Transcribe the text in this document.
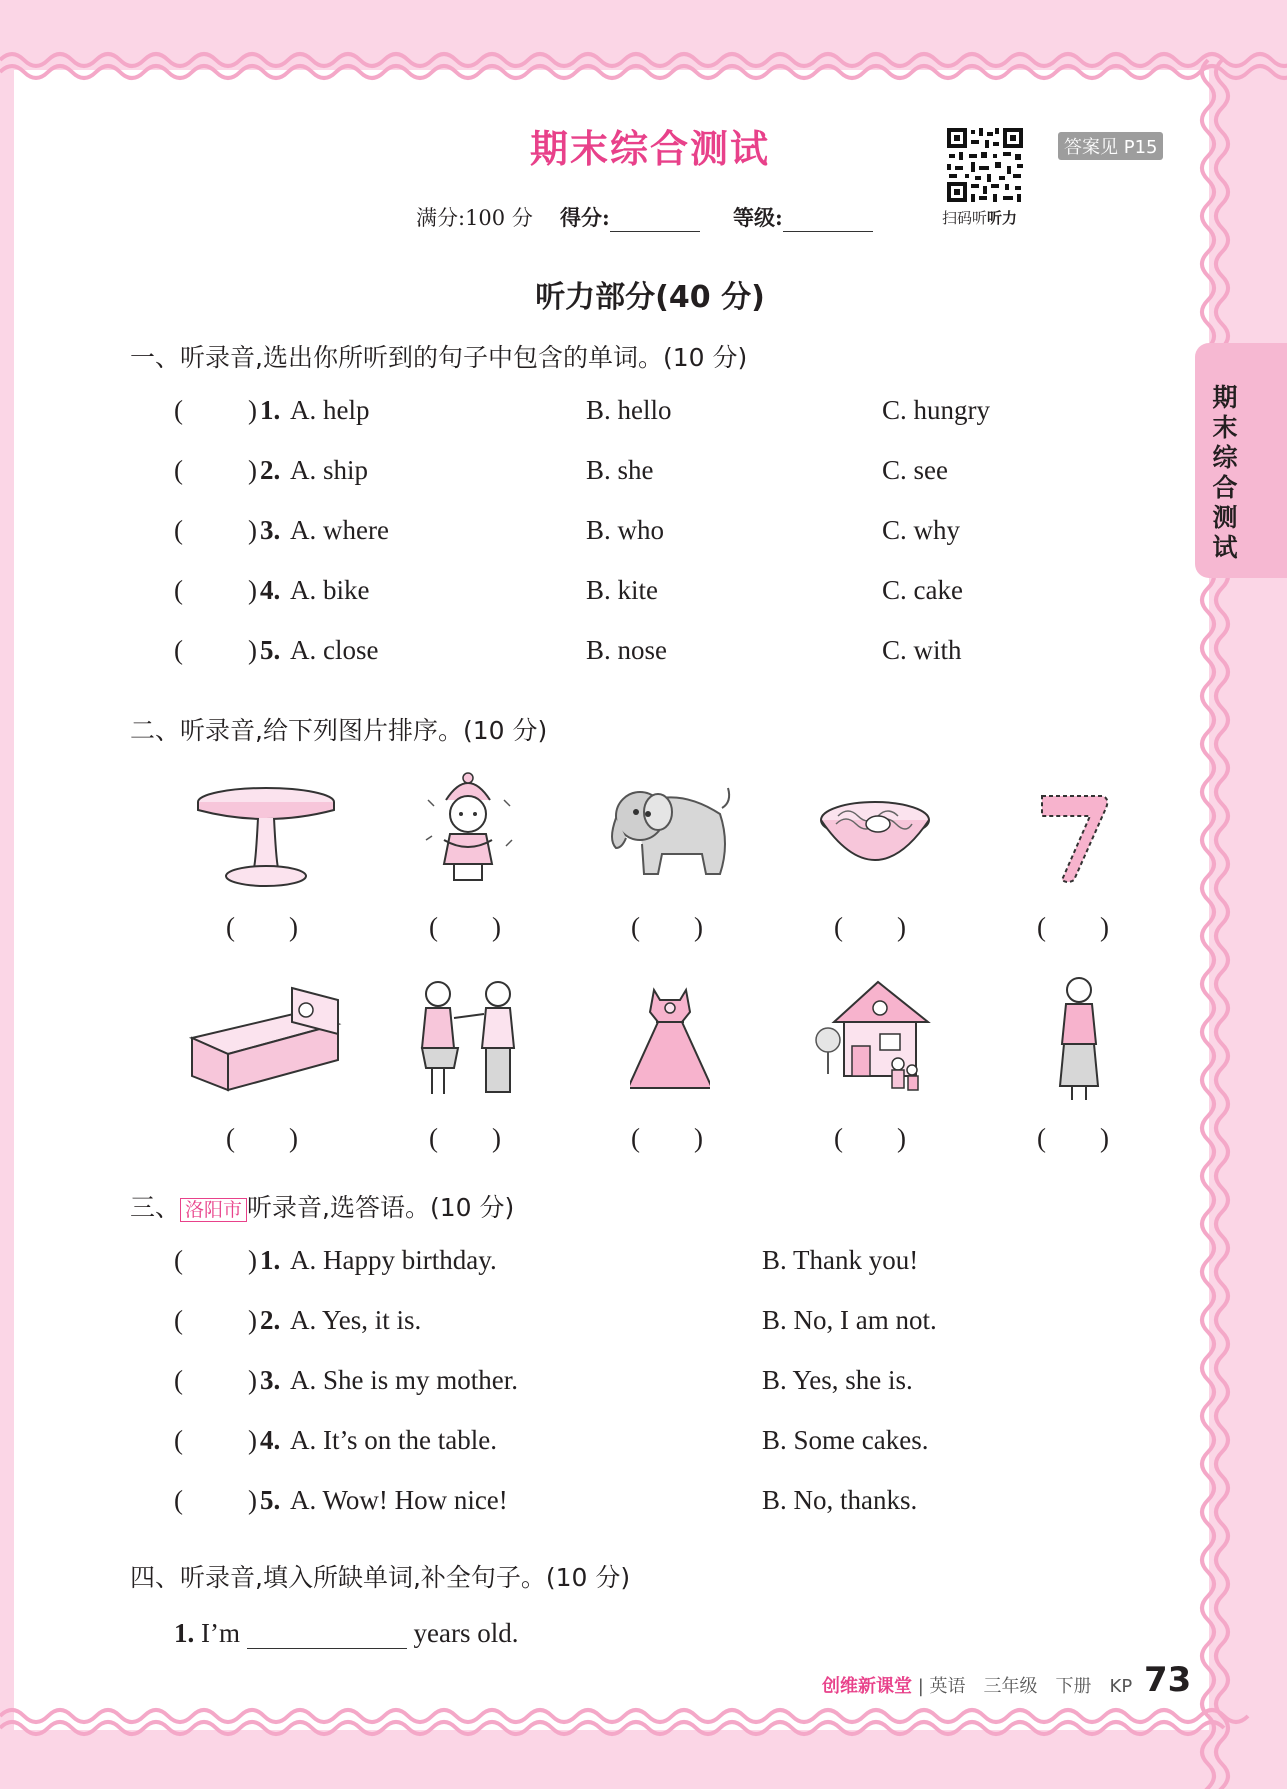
期末综合测试
扫码听听力
答案见 P15
满分:100 分 得分:	等级:
期末综合测试
听力部分(40 分)
一、听录音,选出你所听到的句子中包含的单词。(10 分)
( ) 1. A. help	B. hello	C. hungry
( ) 2. A. ship	B. she	C. see
( ) 3. A. where	B. who	C. why
( ) 4. A. bike	B. kite	C. cake
( ) 5. A. close	B. nose	C. with
二、听录音,给下列图片排序。(10 分)
(　　)	(　　)	(　　)	(　　)	(　　)
(　　)	(　　)	(　　)	(　　)	(　　)
三、 洛阳市 听录音,选答语。(10 分)
( ) 1. A. Happy birthday.	B. Thank you!
( ) 2. A. Yes, it is.	B. No, I am not.
( ) 3. A. She is my mother.	B. Yes, she is.
( ) 4. A. It’s on the table.	B. Some cakes.
( ) 5. A. Wow! How nice!	B. No, thanks.
四、听录音,填入所缺单词,补全句子。(10 分)
1. I’m	years old.
创维新课堂 | 英语　三年级　下册　KP 73
